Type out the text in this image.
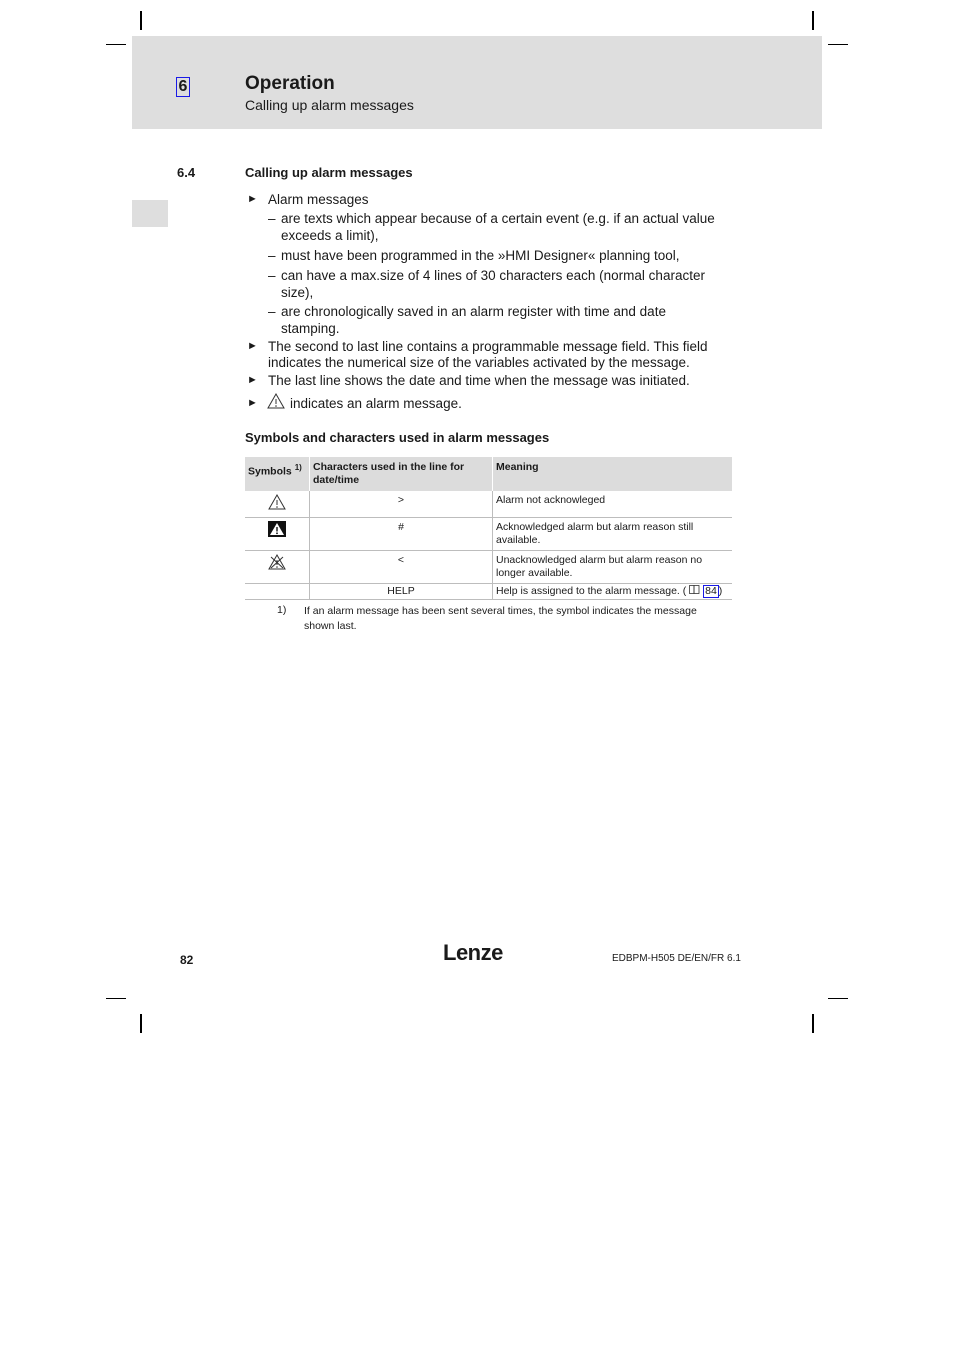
6	Operation
Calling up alarm messages
6.4	Calling up alarm messages
► Alarm messages
– are texts which appear because of a certain event (e.g. if an actual value
exceeds a limit),
– must have been programmed in the »HMI Designer« planning tool,
– can have a max.size of 4 lines of 30 characters each (normal character
size),
– are chronologically saved in an alarm register with time and date
stamping.
► The second to last line contains a programmable message field. This field
indicates the numerical size of the variables activated by the message.
► The last line shows the date and time when the message was initiated.
► indicates an alarm message.
Symbols and characters used in alarm messages
Symbols $^{1)}$	Characters used in the line for date/time	Meaning
	>	Alarm not acknowleged
	#	Acknowledged alarm but alarm reason still available.
	<	Unacknowledged alarm but alarm reason no longer available.
	HELP	Help is assigned to the alarm message. ( 84 )
1) If an alarm message has been sent several times, the symbol indicates the message shown last.
82	Lenze	EDBPM-H505 DE/EN/FR 6.1
